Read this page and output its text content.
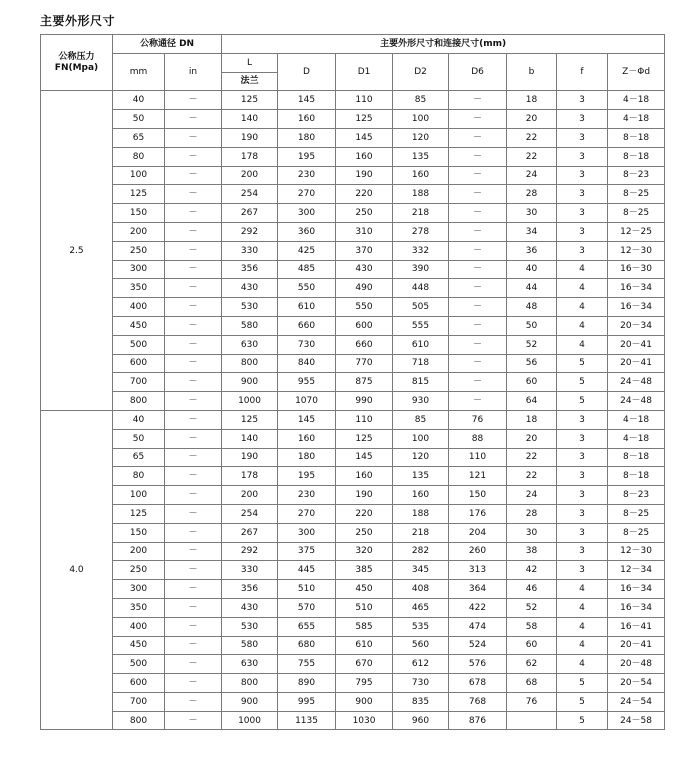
主要外形尺寸
公称压力
FN(Mpa)	公称通径 DN		主要外形尺寸和连接尺寸(mm)							
	mm	in	L	D	D1	D2	D6	b	f	Z－Φd
			法兰							
2.5	40	－	125	145	110	85	－	18	3	4－18
	50	－	140	160	125	100	－	20	3	4－18
	65	－	190	180	145	120	－	22	3	8－18
	80	－	178	195	160	135	－	22	3	8－18
	100	－	200	230	190	160	－	24	3	8－23
	125	－	254	270	220	188	－	28	3	8－25
	150	－	267	300	250	218	－	30	3	8－25
	200	－	292	360	310	278	－	34	3	12－25
	250	－	330	425	370	332	－	36	3	12－30
	300	－	356	485	430	390	－	40	4	16－30
	350	－	430	550	490	448	－	44	4	16－34
	400	－	530	610	550	505	－	48	4	16－34
	450	－	580	660	600	555	－	50	4	20－34
	500	－	630	730	660	610	－	52	4	20－41
	600	－	800	840	770	718	－	56	5	20－41
	700	－	900	955	875	815	－	60	5	24－48
	800	－	1000	1070	990	930	－	64	5	24－48
4.0	40	－	125	145	110	85	76	18	3	4－18
	50	－	140	160	125	100	88	20	3	4－18
	65	－	190	180	145	120	110	22	3	8－18
	80	－	178	195	160	135	121	22	3	8－18
	100	－	200	230	190	160	150	24	3	8－23
	125	－	254	270	220	188	176	28	3	8－25
	150	－	267	300	250	218	204	30	3	8－25
	200	－	292	375	320	282	260	38	3	12－30
	250	－	330	445	385	345	313	42	3	12－34
	300	－	356	510	450	408	364	46	4	16－34
	350	－	430	570	510	465	422	52	4	16－34
	400	－	530	655	585	535	474	58	4	16－41
	450	－	580	680	610	560	524	60	4	20－41
	500	－	630	755	670	612	576	62	4	20－48
	600	－	800	890	795	730	678	68	5	20－54
	700	－	900	995	900	835	768	76	5	24－54
	800	－	1000	1135	1030	960	876		5	24－58
